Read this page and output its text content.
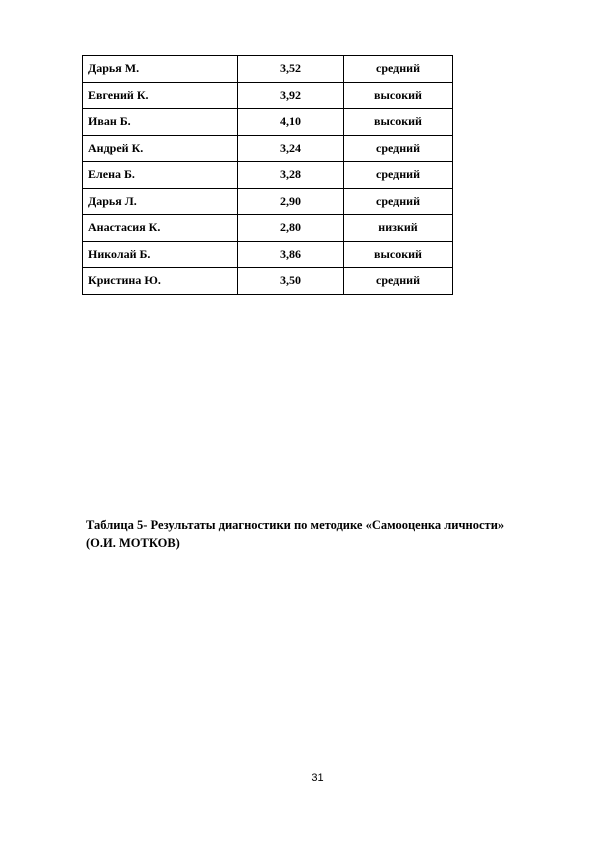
Дарья М.	3,52	средний
Евгений К.	3,92	высокий
Иван Б.	4,10	высокий
Андрей К.	3,24	средний
Елена Б.	3,28	средний
Дарья Л.	2,90	средний
Анастасия К.	2,80	низкий
Николай Б.	3,86	высокий
Кристина Ю.	3,50	средний
Таблица 5- Результаты диагностики по методике «Самооценка личности»
(О.И. МОТКОВ)
31
